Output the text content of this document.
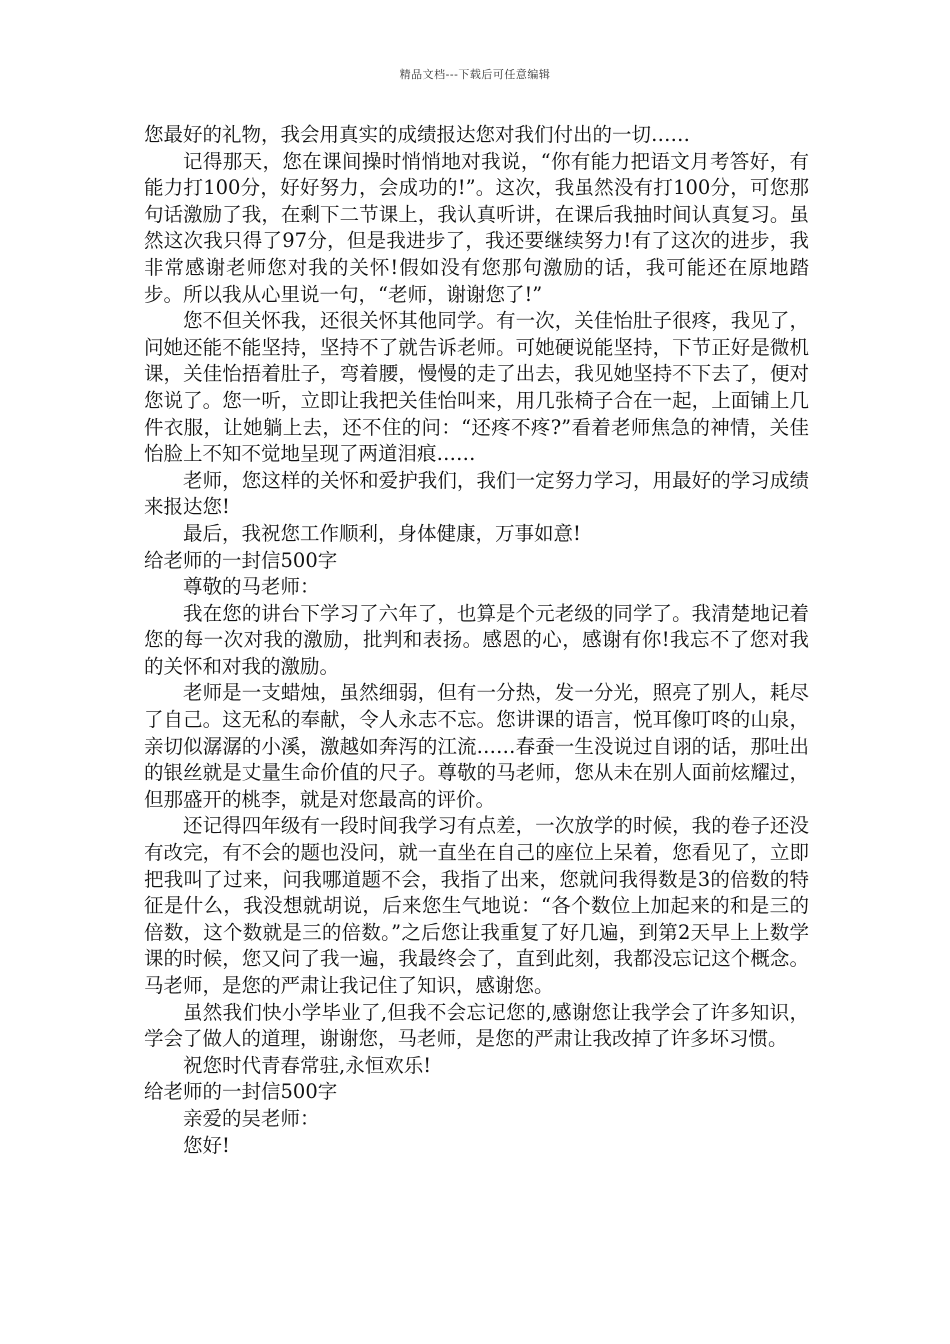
精品文档---下载后可任意编辑

您最好的礼物，我会用真实的成绩报达您对我们付出的一切……

记得那天，您在课间操时悄悄地对我说，“你有能力把语文月考答好，有能力打100分，好好努力，会成功的!”。这次，我虽然没有打100分，可您那句话激励了我，在剩下二节课上，我认真听讲，在课后我抽时间认真复习。虽然这次我只得了97分，但是我进步了，我还要继续努力!有了这次的进步，我非常感谢老师您对我的关怀!假如没有您那句激励的话，我可能还在原地踏步。所以我从心里说一句，“老师，谢谢您了!”

您不但关怀我，还很关怀其他同学。有一次，关佳怡肚子很疼，我见了，问她还能不能坚持，坚持不了就告诉老师。可她硬说能坚持，下节正好是微机课，关佳怡捂着肚子，弯着腰，慢慢的走了出去，我见她坚持不下去了，便对您说了。您一听，立即让我把关佳怡叫来，用几张椅子合在一起，上面铺上几件衣服，让她躺上去，还不住的问：“还疼不疼?”看着老师焦急的神情，关佳怡脸上不知不觉地呈现了两道泪痕……

老师，您这样的关怀和爱护我们，我们一定努力学习，用最好的学习成绩来报达您!

最后，我祝您工作顺利，身体健康，万事如意!

给老师的一封信500字

尊敬的马老师：

我在您的讲台下学习了六年了，也算是个元老级的同学了。我清楚地记着您的每一次对我的激励，批判和表扬。感恩的心，感谢有你!我忘不了您对我的关怀和对我的激励。

老师是一支蜡烛，虽然细弱，但有一分热，发一分光，照亮了别人，耗尽了自己。这无私的奉献，令人永志不忘。您讲课的语言，悦耳像叮咚的山泉，亲切似潺潺的小溪，激越如奔泻的江流……春蚕一生没说过自诩的话，那吐出的银丝就是丈量生命价值的尺子。尊敬的马老师，您从未在别人面前炫耀过，但那盛开的桃李，就是对您最高的评价。

还记得四年级有一段时间我学习有点差，一次放学的时候，我的卷子还没有改完，有不会的题也没问，就一直坐在自己的座位上呆着，您看见了，立即把我叫了过来，问我哪道题不会，我指了出来，您就问我得数是3的倍数的特征是什么，我没想就胡说，后来您生气地说：“各个数位上加起来的和是三的倍数，这个数就是三的倍数。”之后您让我重复了好几遍，到第2天早上上数学课的时候，您又问了我一遍，我最终会了，直到此刻，我都没忘记这个概念。马老师，是您的严肃让我记住了知识，感谢您。

虽然我们快小学毕业了,但我不会忘记您的,感谢您让我学会了许多知识，学会了做人的道理，谢谢您，马老师，是您的严肃让我改掉了许多坏习惯。

祝您时代青春常驻,永恒欢乐!

给老师的一封信500字

亲爱的吴老师：

您好!
